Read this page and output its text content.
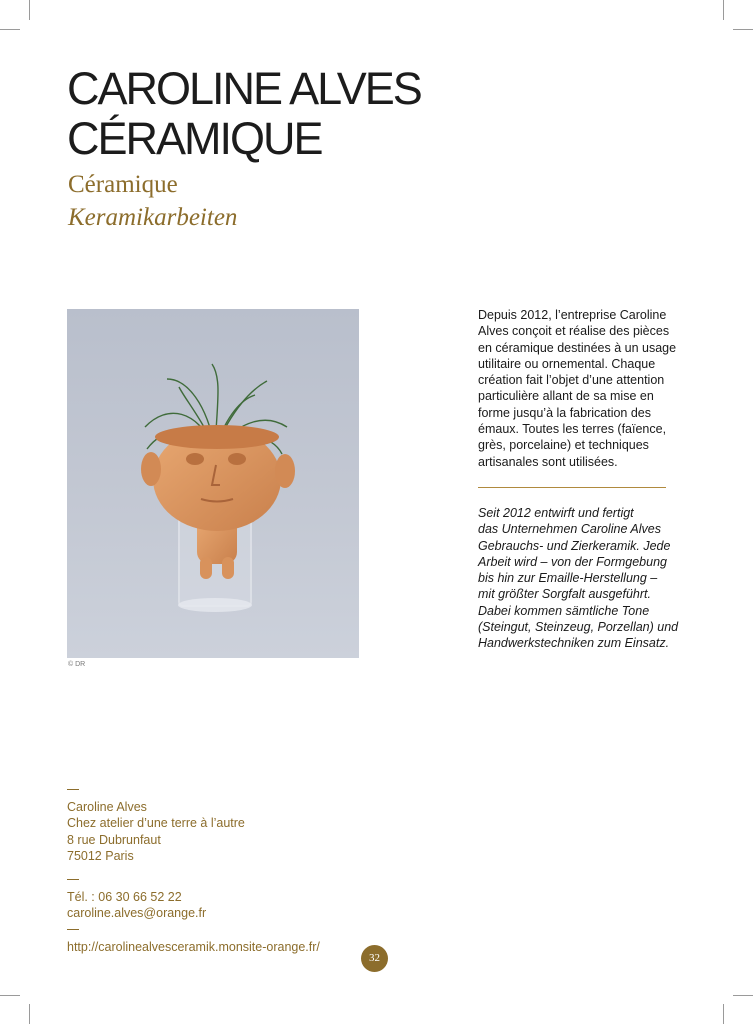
CAROLINE ALVES
CÉRAMIQUE
Céramique
Keramikarbeiten
© DR
Depuis 2012, l’entreprise Caroline
Alves conçoit et réalise des pièces
en céramique destinées à un usage
utilitaire ou ornemental. Chaque
création fait l’objet d’une attention
particulière allant de sa mise en
forme jusqu’à la fabrication des
émaux. Toutes les terres (faïence,
grès, porcelaine) et techniques
artisanales sont utilisées.
Seit 2012 entwirft und fertigt
das Unternehmen Caroline Alves
Gebrauchs- und Zierkeramik. Jede
Arbeit wird – von der Formgebung
bis hin zur Emaille-Herstellung –
mit größter Sorgfalt ausgeführt.
Dabei kommen sämtliche Tone
(Steingut, Steinzeug, Porzellan) und
Handwerkstechniken zum Einsatz.
Caroline Alves
Chez atelier d’une terre à l’autre
8 rue Dubrunfaut
75012 Paris
Tél. : 06 30 66 52 22
caroline.alves@orange.fr
http://carolinealvesceramik.monsite-orange.fr/
32
